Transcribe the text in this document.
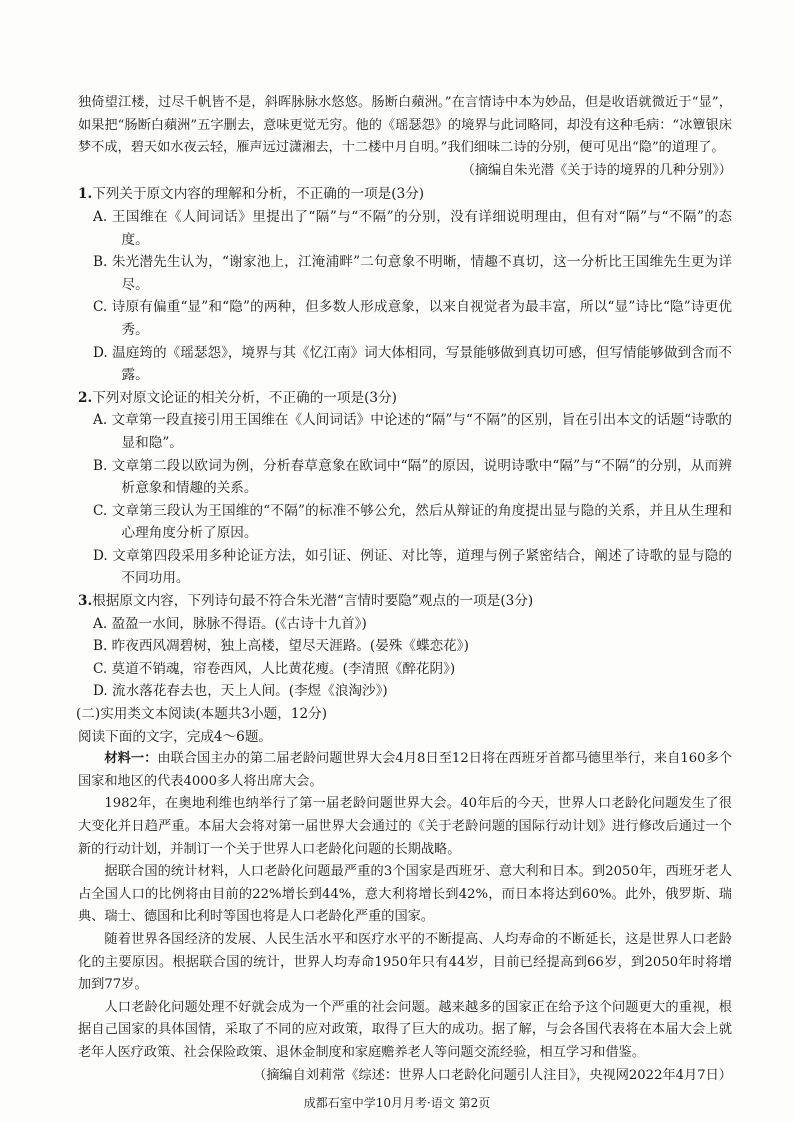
独倚望江楼，过尽千帆皆不是，斜晖脉脉水悠悠。肠断白蘋洲。”在言情诗中本为妙品，但是收语就微近于“显”，如果把“肠断白蘋洲”五字删去，意味更觉无穷。他的《瑶瑟怨》的境界与此词略同，却没有这种毛病：“冰簟银床梦不成，碧天如水夜云轻，雁声远过潇湘去，十二楼中月自明。”我们细味二诗的分别，便可见出“隐”的道理了。

（摘编自朱光潜《关于诗的境界的几种分别》）

1.下列关于原文内容的理解和分析，不正确的一项是(3分)

A. 王国维在《人间词话》里提出了“隔”与“不隔”的分别，没有详细说明理由，但有对“隔”与“不隔”的态度。

B. 朱光潜先生认为，“谢家池上，江淹浦畔”二句意象不明晰，情趣不真切，这一分析比王国维先生更为详尽。

C. 诗原有偏重“显”和“隐”的两种，但多数人形成意象，以来自视觉者为最丰富，所以“显”诗比“隐”诗更优秀。

D. 温庭筠的《瑶瑟怨》，境界与其《忆江南》词大体相同，写景能够做到真切可感，但写情能够做到含而不露。

2.下列对原文论证的相关分析，不正确的一项是(3分)

A. 文章第一段直接引用王国维在《人间词话》中论述的“隔”与“不隔”的区别，旨在引出本文的话题“诗歌的显和隐”。

B. 文章第二段以欧词为例，分析春草意象在欧词中“隔”的原因，说明诗歌中“隔”与“不隔”的分别，从而辨析意象和情趣的关系。

C. 文章第三段认为王国维的“不隔”的标准不够公允，然后从辩证的角度提出显与隐的关系，并且从生理和心理角度分析了原因。

D. 文章第四段采用多种论证方法，如引证、例证、对比等，道理与例子紧密结合，阐述了诗歌的显与隐的不同功用。

3.根据原文内容，下列诗句最不符合朱光潜“言情时要隐”观点的一项是(3分)

A. 盈盈一水间，脉脉不得语。(《古诗十九首》)

B. 昨夜西风凋碧树，独上高楼，望尽天涯路。(晏殊《蝶恋花》)

C. 莫道不销魂，帘卷西风，人比黄花瘦。(李清照《醉花阴》)

D. 流水落花春去也，天上人间。(李煜《浪淘沙》)

(二)实用类文本阅读(本题共3小题，12分)

阅读下面的文字，完成4～6题。

材料一：由联合国主办的第二届老龄问题世界大会4月8日至12日将在西班牙首都马德里举行，来自160多个国家和地区的代表4000多人将出席大会。

1982年，在奥地利维也纳举行了第一届老龄问题世界大会。40年后的今天，世界人口老龄化问题发生了很大变化并日趋严重。本届大会将对第一届世界大会通过的《关于老龄问题的国际行动计划》进行修改后通过一个新的行动计划，并制订一个关于世界人口老龄化问题的长期战略。

据联合国的统计材料，人口老龄化问题最严重的3个国家是西班牙、意大利和日本。到2050年，西班牙老人占全国人口的比例将由目前的22%增长到44%，意大利将增长到42%，而日本将达到60%。此外，俄罗斯、瑞典、瑞士、德国和比利时等国也将是人口老龄化严重的国家。

随着世界各国经济的发展、人民生活水平和医疗水平的不断提高、人均寿命的不断延长，这是世界人口老龄化的主要原因。根据联合国的统计，世界人均寿命1950年只有44岁，目前已经提高到66岁，到2050年时将增加到77岁。

人口老龄化问题处理不好就会成为一个严重的社会问题。越来越多的国家正在给予这个问题更大的重视，根据自己国家的具体国情，采取了不同的应对政策，取得了巨大的成功。据了解，与会各国代表将在本届大会上就老年人医疗政策、社会保险政策、退休金制度和家庭赡养老人等问题交流经验，相互学习和借鉴。

（摘编自刘莉常《综述：世界人口老龄化问题引人注目》，央视网2022年4月7日）

成都石室中学10月月考·语文 第2页
